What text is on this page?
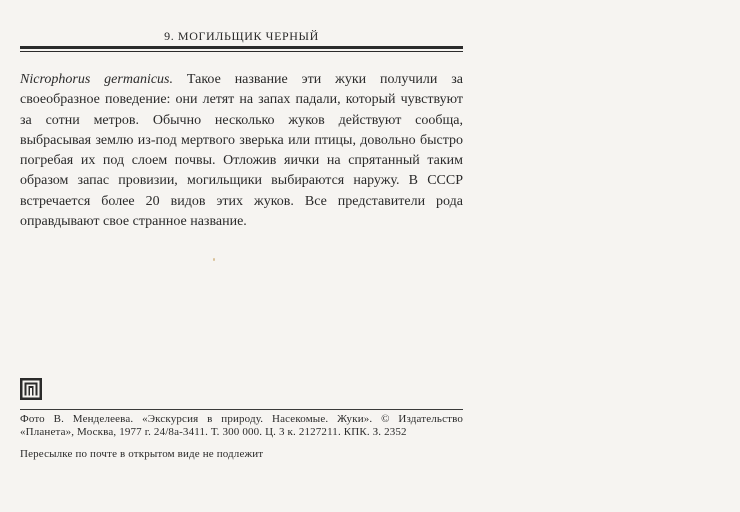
9. МОГИЛЬЩИК ЧЕРНЫЙ

Nicrophorus germanicus. Такое название эти жуки получили за своеобразное поведение: они летят на запах падали, который чувствуют за сотни метров. Обычно несколько жуков действуют сообща, выбрасывая землю из-под мертвого зверька или птицы, довольно быстро погребая их под слоем почвы. Отложив яички на спрятанный таким образом запас провизии, могильщики выбираются наружу. В СССР встречается более 20 видов этих жуков. Все представители рода оправдывают свое странное название.

Фото В. Менделеева. «Экскурсия в природу. Насекомые. Жуки». © Издательство «Планета», Москва, 1977 г. 24/8а-3411. Т. 300 000. Ц. 3 к. 2127211. КПК. З. 2352

Пересылке по почте в открытом виде не подлежит
